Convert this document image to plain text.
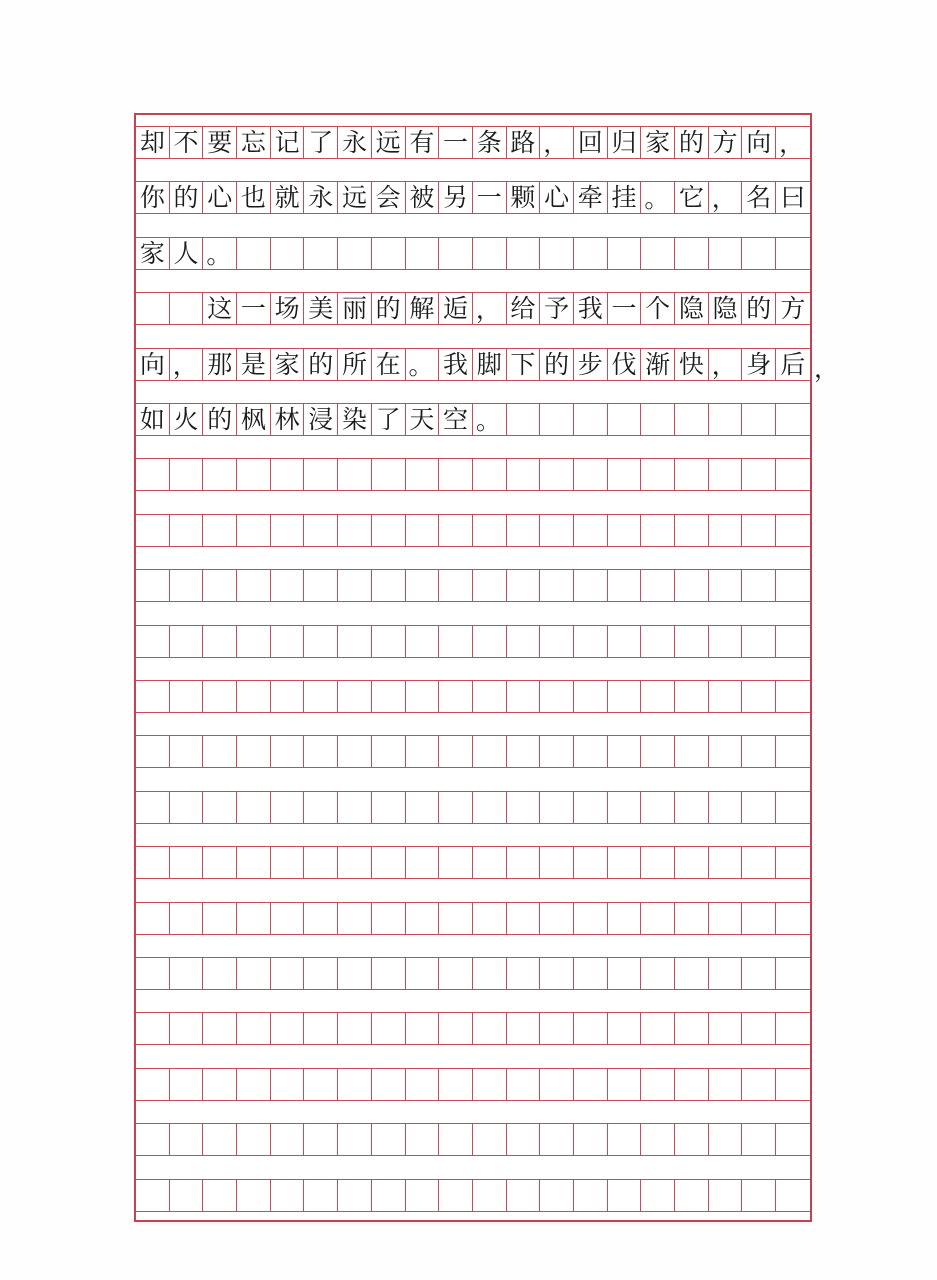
却 不 要 忘 记 了 永 远 有 一 条 路 ， 回 归 家 的 方 向 ，
你 的 心 也 就 永 远 会 被 另 一 颗 心 牵 挂 。 它 ， 名 曰
家 人 。
这 一 场 美 丽 的 解 逅 ， 给 予 我 一 个 隐 隐 的 方
向 ， 那 是 家 的 所 在 。 我 脚 下 的 步 伐 渐 快 ， 身 后 ，
如 火 的 枫 林 浸 染 了 天 空 。
